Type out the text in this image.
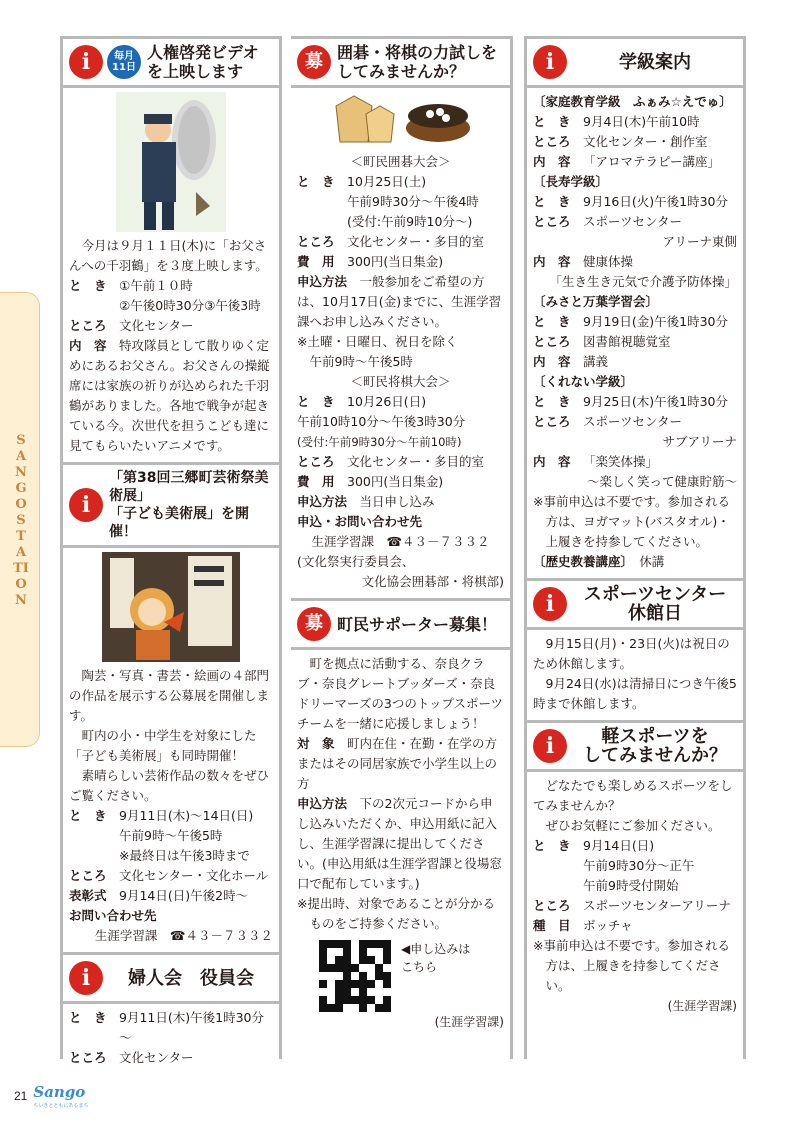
SANGO STATION
i	毎月
11日
人権啓発ビデオを上映します

今月は９月１１日(木)に「お父さんへの千羽鶴」を３度上映します。

と　き ①午前１０時
②午後0時30分③午後3時
ところ 文化センター
内　容 特攻隊員として散りゆく定めにあるお父さん。お父さんの操縦席には家族の祈りが込められた千羽鶴がありました。各地で戦争が起きている今。次世代を担うこども達に見てもらいたいアニメです。

i
「第38回三郷町芸術祭美術展」
「子ども美術展」を開催！

陶芸・写真・書芸・絵画の４部門の作品を展示する公募展を開催します。

町内の小・中学生を対象にした「子ども美術展」も同時開催！

素晴らしい芸術作品の数々をぜひご覧ください。

と　き 9月11日(木)～14日(日)
午前9時～午後5時
※最終日は午後3時まで
ところ 文化センター・文化ホール
表彰式 9月14日(日)午後2時～

お問い合わせ先

生涯学習課　☎４３－７３３２

i	婦人会　役員会
と　き 9月11日(木)午後1時30分～
ところ 文化センター
募 囲碁・将棋の力試しをしてみませんか？

＜町民囲碁大会＞

と　き 10月25日(土)
午前9時30分～午後4時
(受付:午前9時10分～)
ところ 文化センター・多目的室
費　用 300円(当日集金)

申込方法　 一般参加をご希望の方は、10月17日(金)までに、生涯学習課へお申し込みください。

※土曜・日曜日、祝日を除く

午前9時～午後5時

＜町民将棋大会＞

と　き 10月26日(日)

午前10時10分～午後3時30分

(受付:午前9時30分～午前10時)

ところ 文化センター・多目的室
費　用 300円(当日集金)

申込方法　 当日申し込み

申込・お問い合わせ先

生涯学習課　☎４３－７３３２

(文化祭実行委員会、

文化協会囲碁部・将棋部)

募 町民サポーター募集！

町を拠点に活動する、奈良クラブ・奈良グレートブッダーズ・奈良ドリーマーズの3つのトップスポーツチームを一緒に応援しましょう！

対　象　 町内在住・在勤・在学の方またはその同居家族で小学生以上の方

申込方法　 下の2次元コードから申し込みいただくか、申込用紙に記入し、生涯学習課に提出してください。(申込用紙は生涯学習課と役場窓口で配布しています。)

※提出時、対象であることが分かるものをご持参ください。

◀申し込みは　こちら

(生涯学習課)

i	学級案内

〔家庭教育学級　ふぁみ☆えでゅ〕

と　き 9月4日(木)午前10時
ところ 文化センター・創作室
内　容 「アロマテラピー講座」

〔長寿学級〕

と　き 9月16日(火)午後1時30分
ところ スポーツセンター

アリーナ東側

内　容 健康体操

「生き生き元気で介護予防体操」

〔みさと万葉学習会〕

と　き 9月19日(金)午後1時30分
ところ 図書館視聴覚室
内　容 講義

〔くれない学級〕

と　き 9月25日(木)午後1時30分
ところ スポーツセンター

サブアリーナ

内　容 「楽笑体操」

～楽しく笑って健康貯筋～

※事前申込は不要です。参加される方は、ヨガマット(バスタオル)・上履きを持参してください。

〔歴史教養講座〕　 休講

i	スポーツセンター
休館日

9月15日(月)・23日(火)は祝日のため休館します。

9月24日(水)は清掃日につき午後5時まで休館します。

i	軽スポーツを
してみませんか？

どなたでも楽しめるスポーツをしてみませんか？

ぜひお気軽にご参加ください。

と　き 9月14日(日)
午前9時30分～正午
午前9時受付開始
ところ スポーツセンターアリーナ
種　目 ボッチャ

※事前申込は不要です。参加される方は、上履きを持参してください。

(生涯学習課)

21 Sango
ちいきとともにあるまち
